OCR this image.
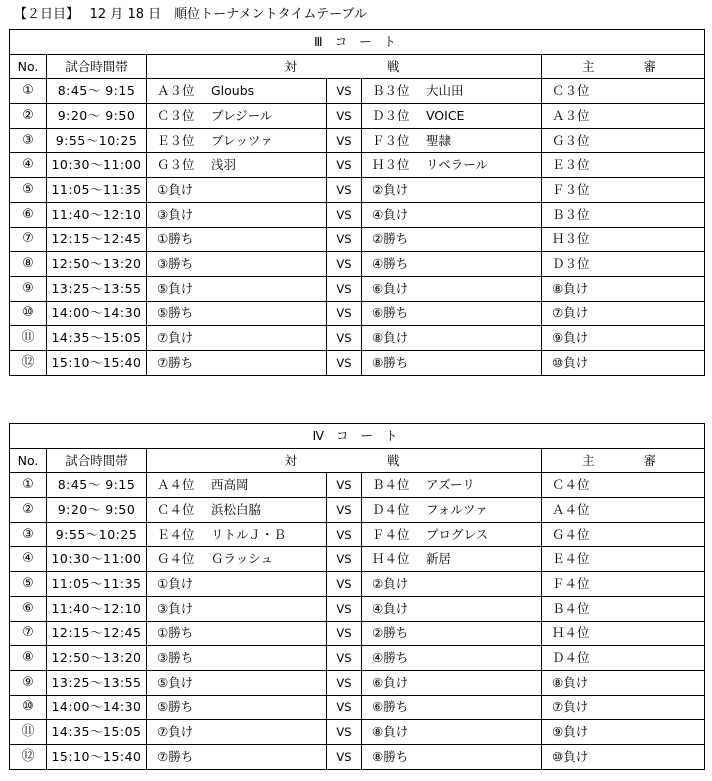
【２日目】　 12 月 18 日　順位トーナメントタイムテーブル
Ⅲ コ ー ト					
No.	試合時間帯	対 戦			主　　審
①	8:45～ 9:15	Ａ３位　 Gloubs	VS	Ｂ３位　 大山田	Ｃ３位
②	9:20～ 9:50	Ｃ３位　 ブレジール	VS	Ｄ３位　 VOICE	Ａ３位
③	9:55～10:25	Ｅ３位　 ブレッツァ	VS	Ｆ３位　 聖隷	Ｇ３位
④	10:30～11:00	Ｇ３位　 浅羽	VS	Ｈ３位　 リベラール	Ｅ３位
⑤	11:05～11:35	①負け	VS	②負け	Ｆ３位
⑥	11:40～12:10	③負け	VS	④負け	Ｂ３位
⑦	12:15～12:45	①勝ち	VS	②勝ち	Ｈ３位
⑧	12:50～13:20	③勝ち	VS	④勝ち	Ｄ３位
⑨	13:25～13:55	⑤負け	VS	⑥負け	⑧負け
⑩	14:00～14:30	⑤勝ち	VS	⑥勝ち	⑦負け
⑪	14:35～15:05	⑦負け	VS	⑧負け	⑨負け
⑫	15:10～15:40	⑦勝ち	VS	⑧勝ち	⑩負け
Ⅳ コ ー ト					
No.	試合時間帯	対 戦			主　　審
①	8:45～ 9:15	Ａ４位　 西高岡	VS	Ｂ４位　 アズーリ	Ｃ４位
②	9:20～ 9:50	Ｃ４位　 浜松白脇	VS	Ｄ４位　 フォルツァ	Ａ４位
③	9:55～10:25	Ｅ４位　 リトルＪ・Ｂ	VS	Ｆ４位　 プログレス	Ｇ４位
④	10:30～11:00	Ｇ４位　 Ｇラッシュ	VS	Ｈ４位　 新居	Ｅ４位
⑤	11:05～11:35	①負け	VS	②負け	Ｆ４位
⑥	11:40～12:10	③負け	VS	④負け	Ｂ４位
⑦	12:15～12:45	①勝ち	VS	②勝ち	Ｈ４位
⑧	12:50～13:20	③勝ち	VS	④勝ち	Ｄ４位
⑨	13:25～13:55	⑤負け	VS	⑥負け	⑧負け
⑩	14:00～14:30	⑤勝ち	VS	⑥勝ち	⑦負け
⑪	14:35～15:05	⑦負け	VS	⑧負け	⑨負け
⑫	15:10～15:40	⑦勝ち	VS	⑧勝ち	⑩負け
